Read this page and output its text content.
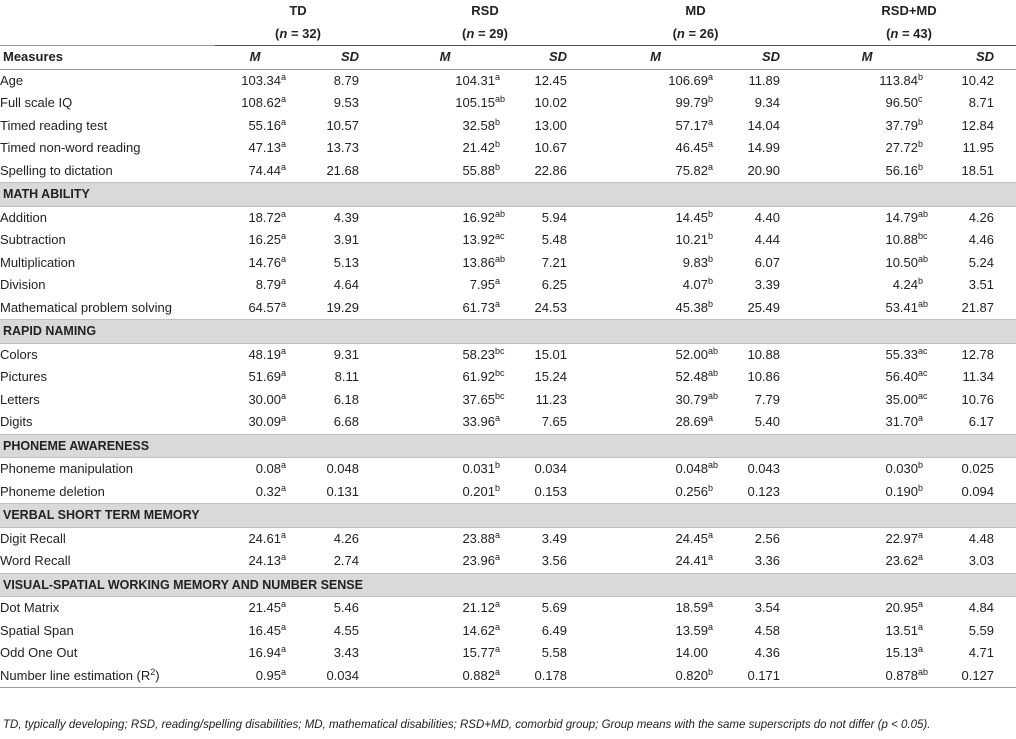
	TD		RSD		MD		RSD+MD	
	(n = 32)		(n = 29)		(n = 26)		(n = 43)	
Measures	M	SD	M	SD	M	SD	M	SD
Age	103.34$^a$	8.79	104.31$^a$	12.45	106.69$^a$	11.89	113.84$^b$	10.42
Full scale IQ	108.62$^a$	9.53	105.15$^{ab}$	10.02	99.79$^b$	9.34	96.50$^c$	8.71
Timed reading test	55.16$^a$	10.57	32.58$^b$	13.00	57.17$^a$	14.04	37.79$^b$	12.84
Timed non-word reading	47.13$^a$	13.73	21.42$^b$	10.67	46.45$^a$	14.99	27.72$^b$	11.95
Spelling to dictation	74.44$^a$	21.68	55.88$^b$	22.86	75.82$^a$	20.90	56.16$^b$	18.51
MATH ABILITY								
Addition	18.72$^a$	4.39	16.92$^{ab}$	5.94	14.45$^b$	4.40	14.79$^{ab}$	4.26
Subtraction	16.25$^a$	3.91	13.92$^{ac}$	5.48	10.21$^b$	4.44	10.88$^{bc}$	4.46
Multiplication	14.76$^a$	5.13	13.86$^{ab}$	7.21	9.83$^b$	6.07	10.50$^{ab}$	5.24
Division	8.79$^a$	4.64	7.95$^a$	6.25	4.07$^b$	3.39	4.24$^b$	3.51
Mathematical problem solving	64.57$^a$	19.29	61.73$^a$	24.53	45.38$^b$	25.49	53.41$^{ab}$	21.87
RAPID NAMING								
Colors	48.19$^a$	9.31	58.23$^{bc}$	15.01	52.00$^{ab}$	10.88	55.33$^{ac}$	12.78
Pictures	51.69$^a$	8.11	61.92$^{bc}$	15.24	52.48$^{ab}$	10.86	56.40$^{ac}$	11.34
Letters	30.00$^a$	6.18	37.65$^{bc}$	11.23	30.79$^{ab}$	7.79	35.00$^{ac}$	10.76
Digits	30.09$^a$	6.68	33.96$^a$	7.65	28.69$^a$	5.40	31.70$^a$	6.17
PHONEME AWARENESS								
Phoneme manipulation	0.08$^a$	0.048	0.031$^b$	0.034	0.048$^{ab}$	0.043	0.030$^b$	0.025
Phoneme deletion	0.32$^a$	0.131	0.201$^b$	0.153	0.256$^b$	0.123	0.190$^b$	0.094
VERBAL SHORT TERM MEMORY								
Digit Recall	24.61$^a$	4.26	23.88$^a$	3.49	24.45$^a$	2.56	22.97$^a$	4.48
Word Recall	24.13$^a$	2.74	23.96$^a$	3.56	24.41$^a$	3.36	23.62$^a$	3.03
VISUAL-SPATIAL WORKING MEMORY AND NUMBER SENSE								
Dot Matrix	21.45$^a$	5.46	21.12$^a$	5.69	18.59$^a$	3.54	20.95$^a$	4.84
Spatial Span	16.45$^a$	4.55	14.62$^a$	6.49	13.59$^a$	4.58	13.51$^a$	5.59
Odd One Out	16.94$^a$	3.43	15.77$^a$	5.58	14.00	4.36	15.13$^a$	4.71
Number line estimation $(R^2)$	0.95$^a$	0.034	0.882$^a$	0.178	0.820$^b$	0.171	0.878$^{ab}$	0.127
TD, typically developing; RSD, reading/spelling disabilities; MD, mathematical disabilities; RSD+MD, comorbid group; Group means with the same superscripts do not differ (p < 0.05).
